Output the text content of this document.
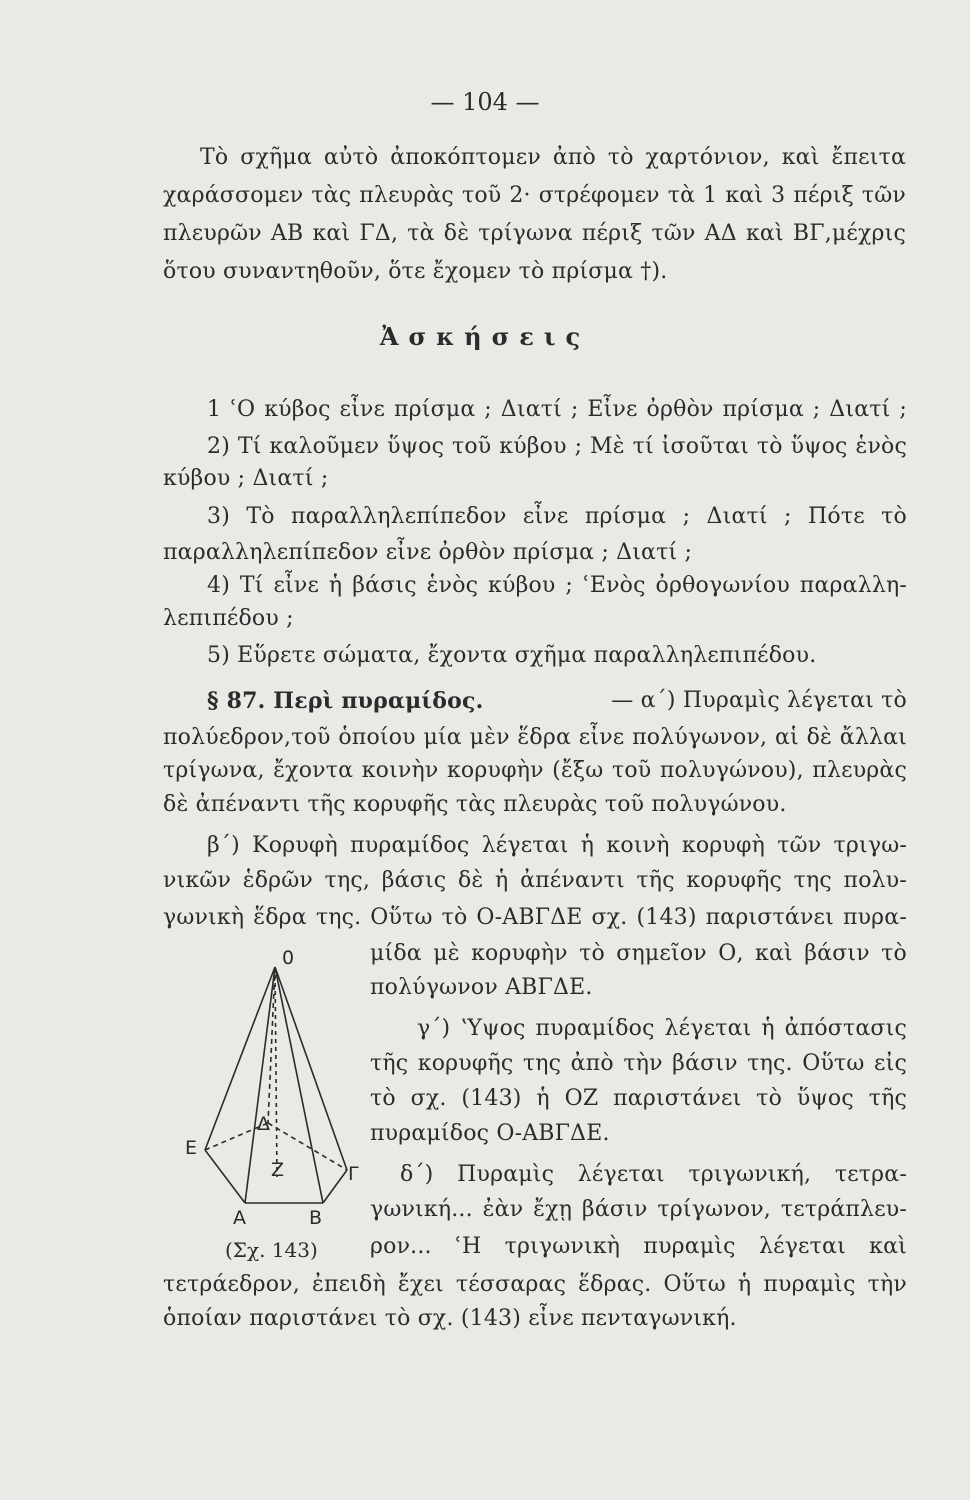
— 104 —
Τὸ σχῆμα αὐτὸ ἀποκόπτομεν ἀπὸ τὸ χαρτόνιον, καὶ ἔπειτα
χαράσσομεν τὰς πλευρὰς τοῦ 2· στρέφομεν τὰ 1 καὶ 3 πέριξ τῶν
πλευρῶν ΑΒ καὶ ΓΔ, τὰ δὲ τρίγωνα πέριξ τῶν ΑΔ καὶ ΒΓ,μέχρις
ὅτου συναντηθοῦν, ὅτε ἔχομεν τὸ πρίσμα †).
Ἀσκήσεις
1 ʿΟ κύβος εἶνε πρίσμα ; Διατί ; Εἶνε ὀρθὸν πρίσμα ; Διατί ;
2) Τί καλοῦμεν ὕψος τοῦ κύβου ; Μὲ τί ἰσοῦται τὸ ὕψος ἑνὸς
κύβου ; Διατί ;
3) Τὸ παραλληλεπίπεδον εἶνε πρίσμα ; Διατί ; Πότε τὸ
παραλληλεπίπεδον εἶνε ὀρθὸν πρίσμα ; Διατί ;
4) Τί εἶνε ἡ βάσις ἑνὸς κύβου ; ʿΕνὸς ὀρθογωνίου παραλλη-
λεπιπέδου ;
5) Εὕρετε σώματα, ἔχοντα σχῆμα παραλληλεπιπέδου.
§ 87. Περὶ πυραμίδος.	— α΄) Πυραμὶς λέγεται τὸ
πολύεδρον,τοῦ ὁποίου μία μὲν ἕδρα εἶνε πολύγωνον, αἱ δὲ ἄλλαι
τρίγωνα, ἔχοντα κοινὴν κορυφὴν (ἔξω τοῦ πολυγώνου), πλευρὰς
δὲ ἀπέναντι τῆς κορυφῆς τὰς πλευρὰς τοῦ πολυγώνου.
β΄) Κορυφὴ πυραμίδος λέγεται ἡ κοινὴ κορυφὴ τῶν τριγω-
νικῶν ἑδρῶν της, βάσις δὲ ἡ ἀπέναντι τῆς κορυφῆς της πολυ-
γωνικὴ ἕδρα της. Οὕτω τὸ Ο-ΑΒΓΔΕ σχ. (143) παριστάνει πυρα-
μίδα μὲ κορυφὴν τὸ σημεῖον Ο, καὶ βάσιν τὸ
πολύγωνον ΑΒΓΔΕ.
γ΄) ʽΥψος πυραμίδος λέγεται ἡ ἀπόστασις
τῆς κορυφῆς της ἀπὸ τὴν βάσιν της. Οὕτω εἰς
τὸ σχ. (143) ἡ ΟΖ παριστάνει τὸ ὕψος τῆς
πυραμίδος Ο-ΑΒΓΔΕ.
δ΄) Πυραμὶς λέγεται τριγωνική, τετρα-
γωνική... ἐὰν ἔχῃ βάσιν τρίγωνον, τετράπλευ-
ρον... ʿΗ τριγωνικὴ πυραμὶς λέγεται καὶ
τετράεδρον, ἐπειδὴ ἔχει τέσσαρας ἕδρας. Οὕτω ἡ πυραμὶς τὴν
ὁποίαν παριστάνει τὸ σχ. (143) εἶνε πενταγωνική.
0
E
Δ
Z	Γ
A	B
(Σχ. 143)
